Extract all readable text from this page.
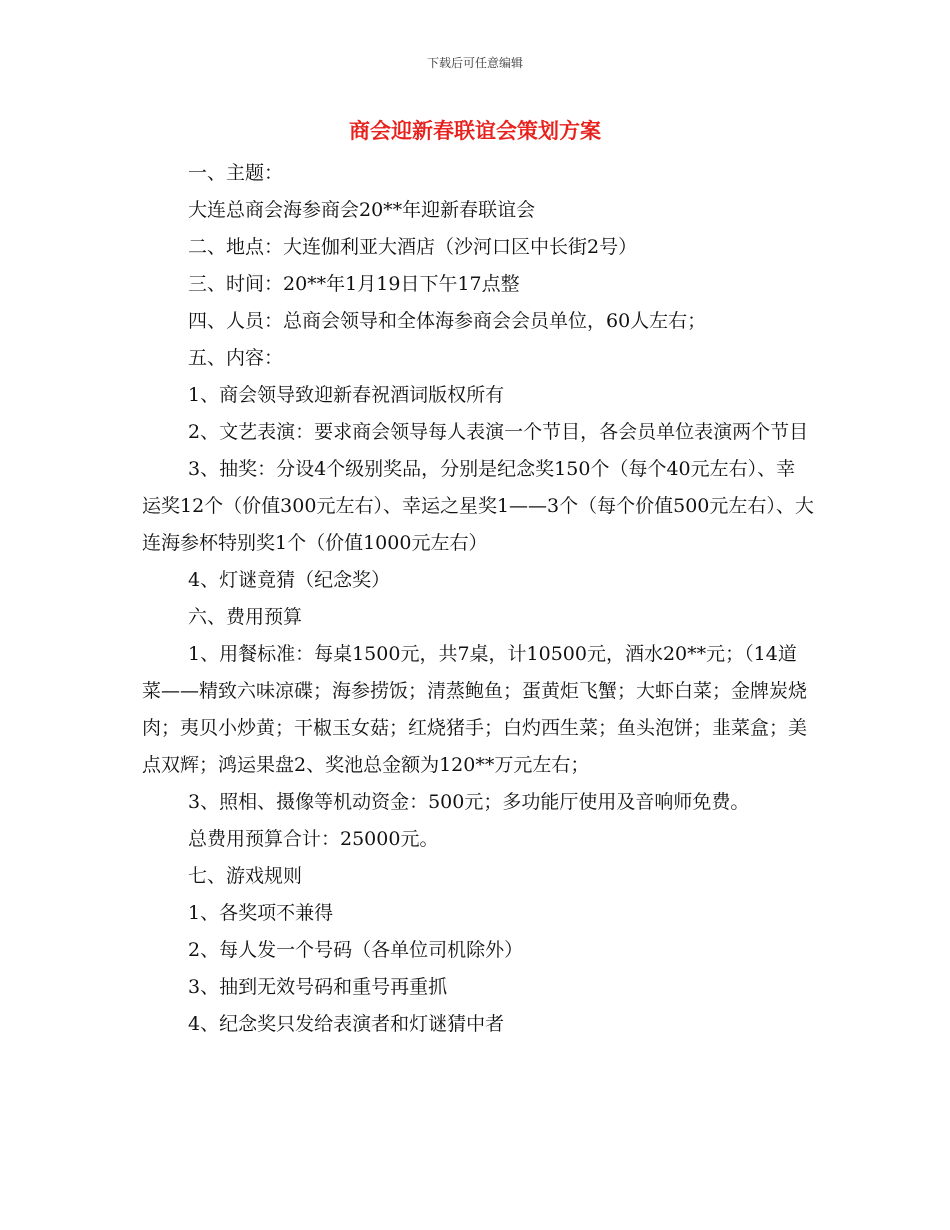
下载后可任意编辑
商会迎新春联谊会策划方案

一、主题：

大连总商会海参商会20**年迎新春联谊会

二、地点：大连伽利亚大酒店（沙河口区中长街2号）

三、时间：20**年1月19日下午17点整

四、人员：总商会领导和全体海参商会会员单位，60人左右；

五、内容：

1、商会领导致迎新春祝酒词版权所有

2、文艺表演：要求商会领导每人表演一个节目，各会员单位表演两个节目

3、抽奖：分设4个级别奖品，分别是纪念奖150个（每个40元左右）、幸运奖12个（价值300元左右）、幸运之星奖1——3个（每个价值500元左右）、大连海参杯特别奖1个（价值1000元左右）

4、灯谜竟猜（纪念奖）

六、费用预算

1、用餐标准：每桌1500元，共7桌，计10500元，酒水20**元；（14道菜——精致六味凉碟；海参捞饭；清蒸鲍鱼；蛋黄炬飞蟹；大虾白菜；金牌炭烧肉；夷贝小炒黄；干椒玉女菇；红烧猪手；白灼西生菜；鱼头泡饼；韭菜盒；美点双辉；鸿运果盘2、奖池总金额为120**万元左右；

3、照相、摄像等机动资金：500元；多功能厅使用及音响师免费。

总费用预算合计：25000元。

七、游戏规则

1、各奖项不兼得

2、每人发一个号码（各单位司机除外）

3、抽到无效号码和重号再重抓

4、纪念奖只发给表演者和灯谜猜中者
